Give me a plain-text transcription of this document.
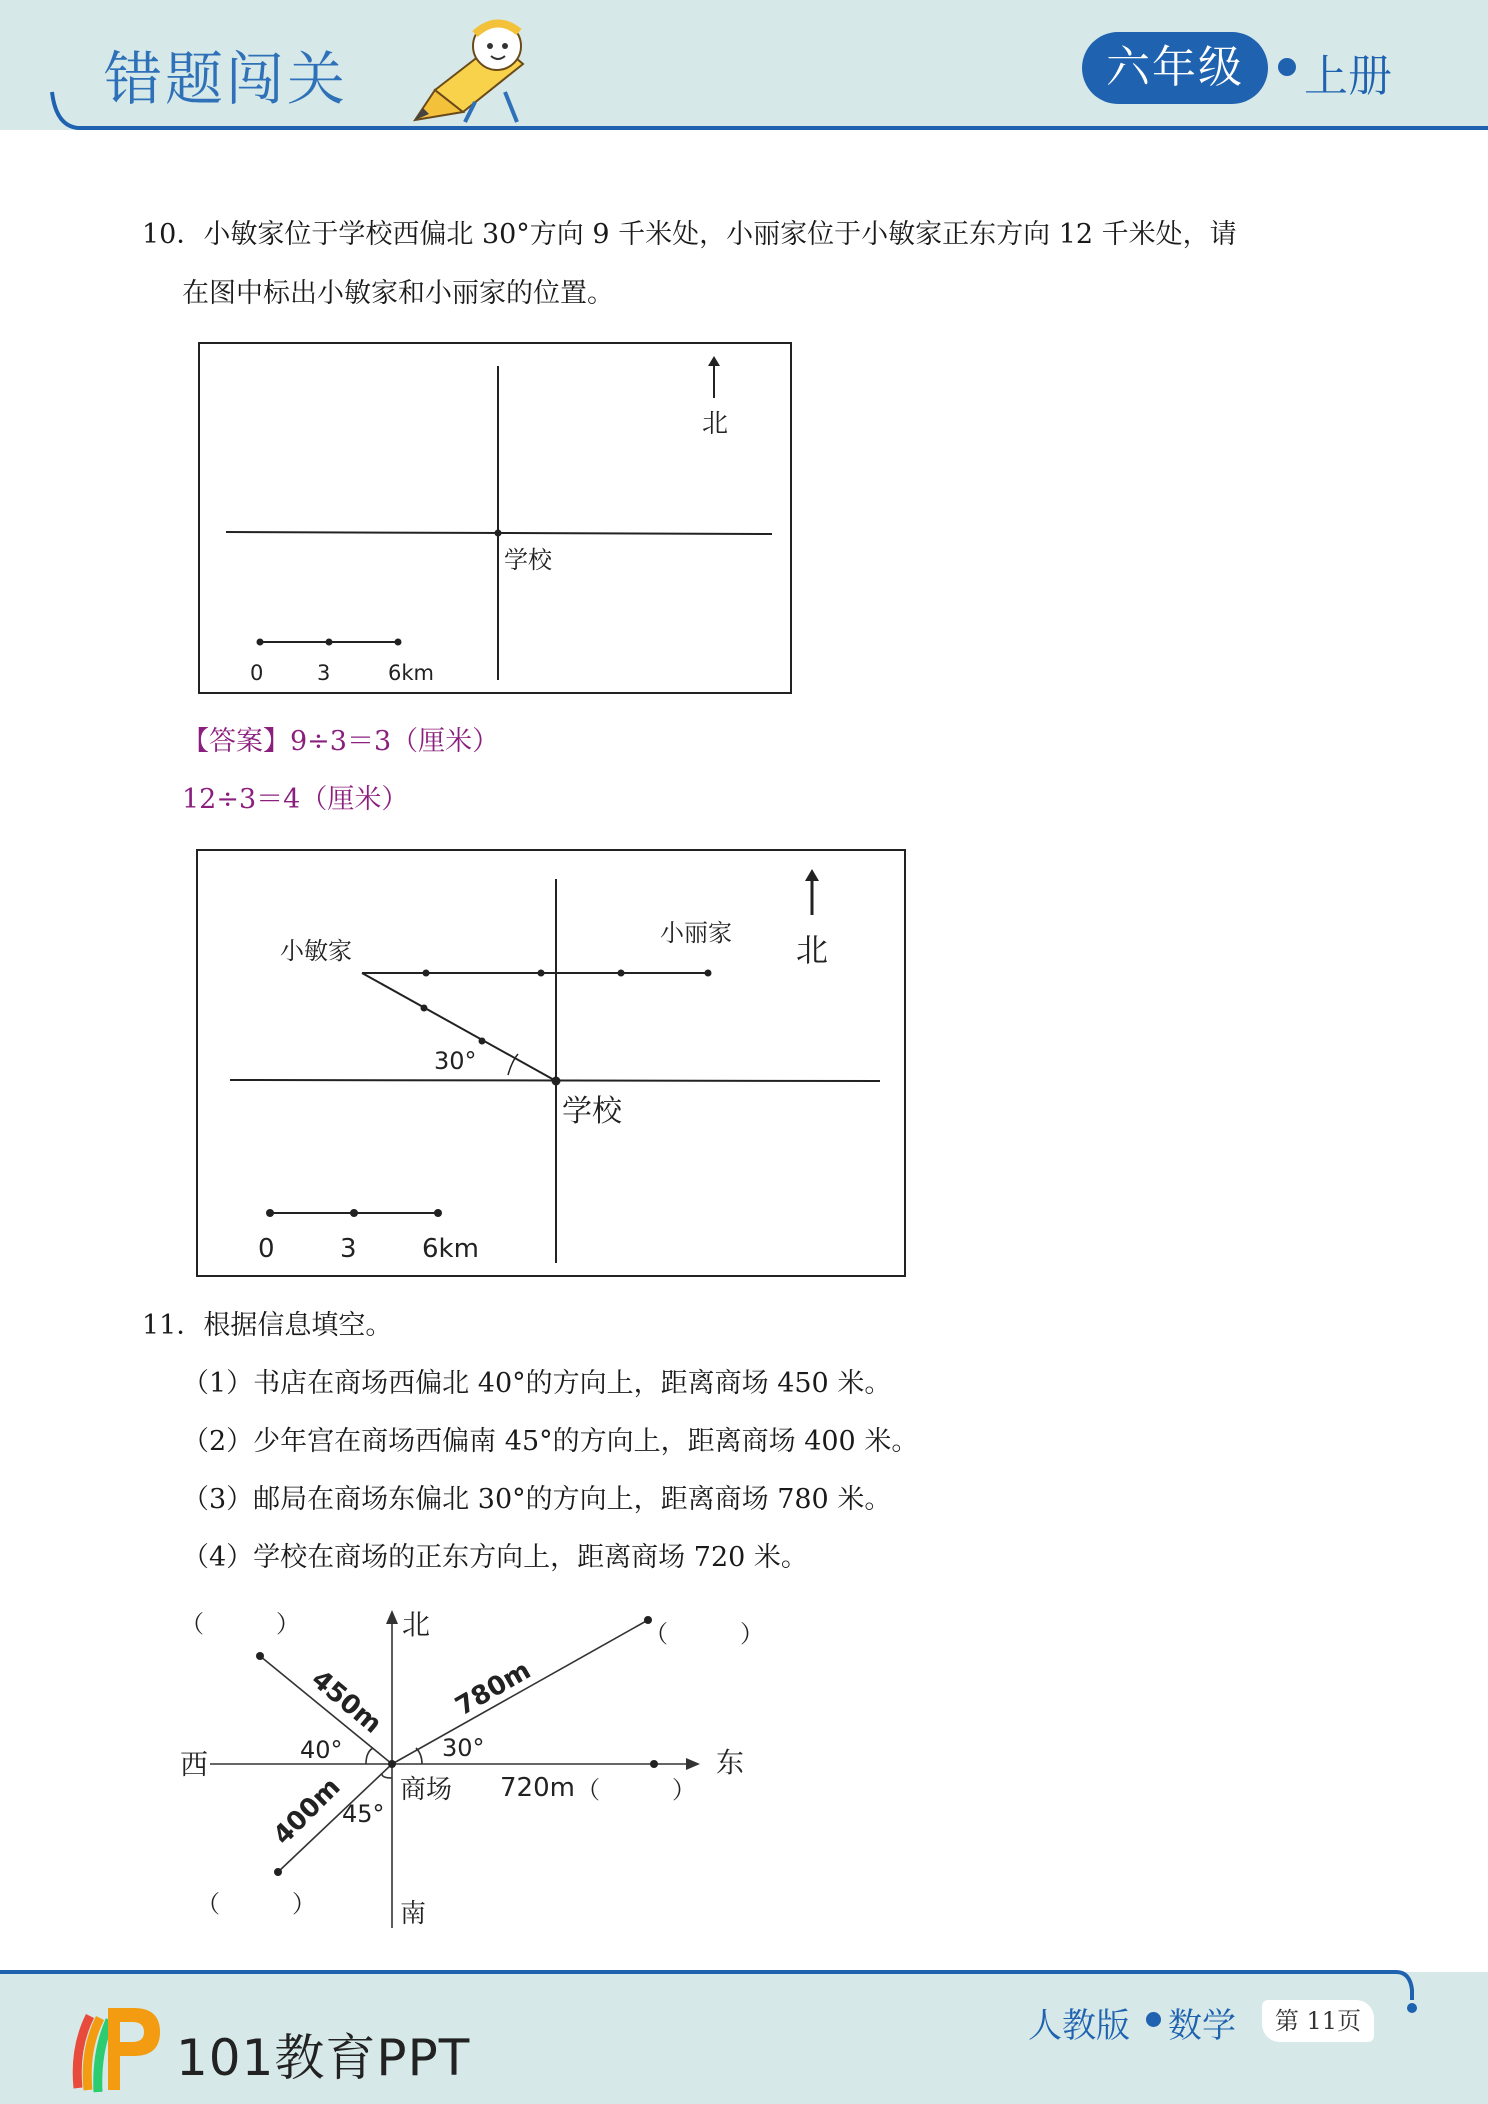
错题闯关	六年级	上册
10．小敏家位于学校西偏北 30°方向 9 千米处，小丽家位于小敏家正东方向 12 千米处，请
在图中标出小敏家和小丽家的位置。
学校
北
0	3	6km
【答案】9÷3＝3（厘米）
12÷3＝4（厘米）
小敏家
小丽家
30°
学校
北
0	3	6km
11．根据信息填空。
（1）书店在商场西偏北 40°的方向上，距离商场 450 米。
（2）少年宫在商场西偏南 45°的方向上，距离商场 400 米。
（3）邮局在商场东偏北 30°的方向上，距离商场 780 米。
（4）学校在商场的正东方向上，距离商场 720 米。
北
南
东
西
商场
450m 780m
400m	720m
40°	30°
45°
（　　　）	（　　　）
（　　　）
（　　　）
101教育PPT
人教版 数学	第 11页
